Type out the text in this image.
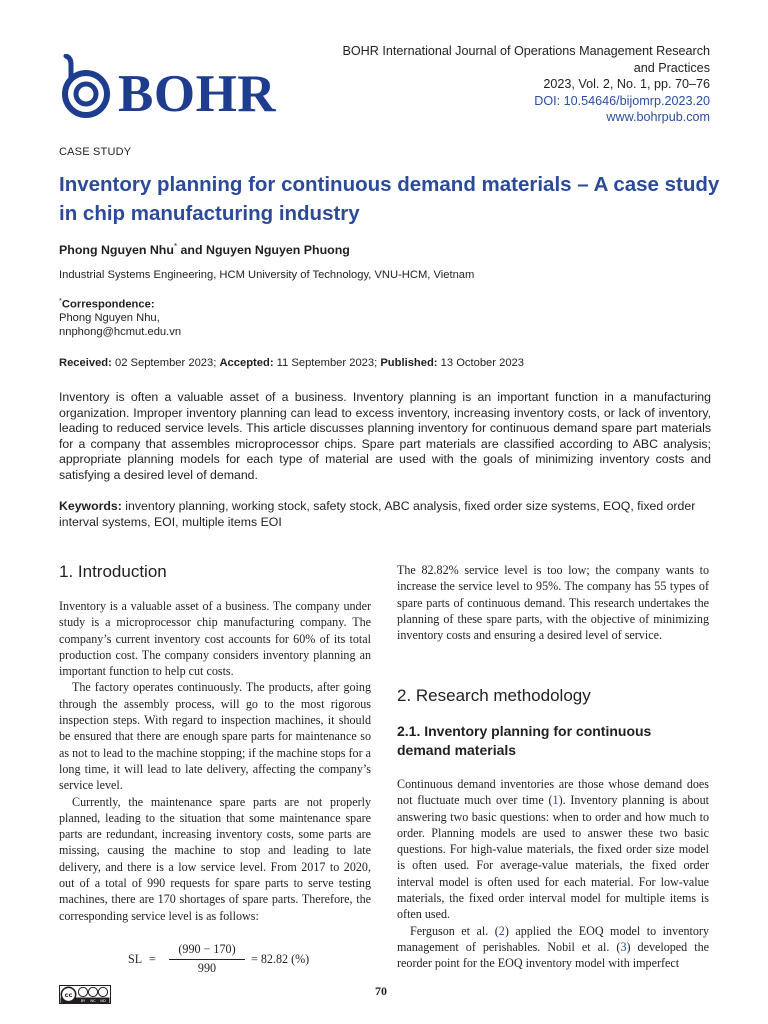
BOHR
BOHR International Journal of Operations Management Research
and Practices
2023, Vol. 2, No. 1, pp. 70–76
DOI: 10.54646/bijomrp.2023.20
www.bohrpub.com
CASE STUDY
Inventory planning for continuous demand materials – A case study in chip manufacturing industry
Phong Nguyen Nhu* and Nguyen Nguyen Phuong
Industrial Systems Engineering, HCM University of Technology, VNU-HCM, Vietnam
*Correspondence:
Phong Nguyen Nhu,
nnphong@hcmut.edu.vn
Received: 02 September 2023; Accepted: 11 September 2023; Published: 13 October 2023
Inventory is often a valuable asset of a business. Inventory planning is an important function in a manufacturing organization. Improper inventory planning can lead to excess inventory, increasing inventory costs, or lack of inventory, leading to reduced service levels. This article discusses planning inventory for continuous demand spare part materials for a company that assembles microprocessor chips. Spare part materials are classified according to ABC analysis; appropriate planning models for each type of material are used with the goals of minimizing inventory costs and satisfying a desired level of demand.
Keywords: inventory planning, working stock, safety stock, ABC analysis, fixed order size systems, EOQ, fixed order interval systems, EOI, multiple items EOI
1. Introduction

Inventory is a valuable asset of a business. The company under study is a microprocessor chip manufacturing company. The company’s current inventory cost accounts for 60% of its total production cost. The company considers inventory planning an important function to help cut costs.

The factory operates continuously. The products, after going through the assembly process, will go to the most rigorous inspection steps. With regard to inspection machines, it should be ensured that there are enough spare parts for maintenance so as not to lead to the machine stopping; if the machine stops for a long time, it will lead to late delivery, affecting the company’s service level.

Currently, the maintenance spare parts are not properly planned, leading to the situation that some maintenance spare parts are redundant, increasing inventory costs, some parts are missing, causing the machine to stop and leading to late delivery, and there is a low service level. From 2017 to 2020, out of a total of 990 requests for spare parts to serve testing machines, there are 170 shortages of spare parts. Therefore, the corresponding service level is as follows:

SL =
(990 − 170)
990
= 82.82 (%)

The 82.82% service level is too low; the company wants to increase the service level to 95%. The company has 55 types of spare parts of continuous demand. This research undertakes the planning of these spare parts, with the objective of minimizing inventory costs and ensuring a desired level of service.

2. Research methodology
2.1. Inventory planning for continuous demand materials

Continuous demand inventories are those whose demand does not fluctuate much over time (1). Inventory planning is about answering two basic questions: when to order and how much to order. Planning models are used to answer these two basic questions. For high-value materials, the fixed order size model is often used. For average-value materials, the fixed order interval model is often used for each material. For low-value materials, the fixed order interval model for multiple items is often used.

Ferguson et al. (2) applied the EOQ model to inventory management of perishables. Nobil et al. (3) developed the reorder point for the EOQ inventory model with imperfect

cc
BY NC ND
70
